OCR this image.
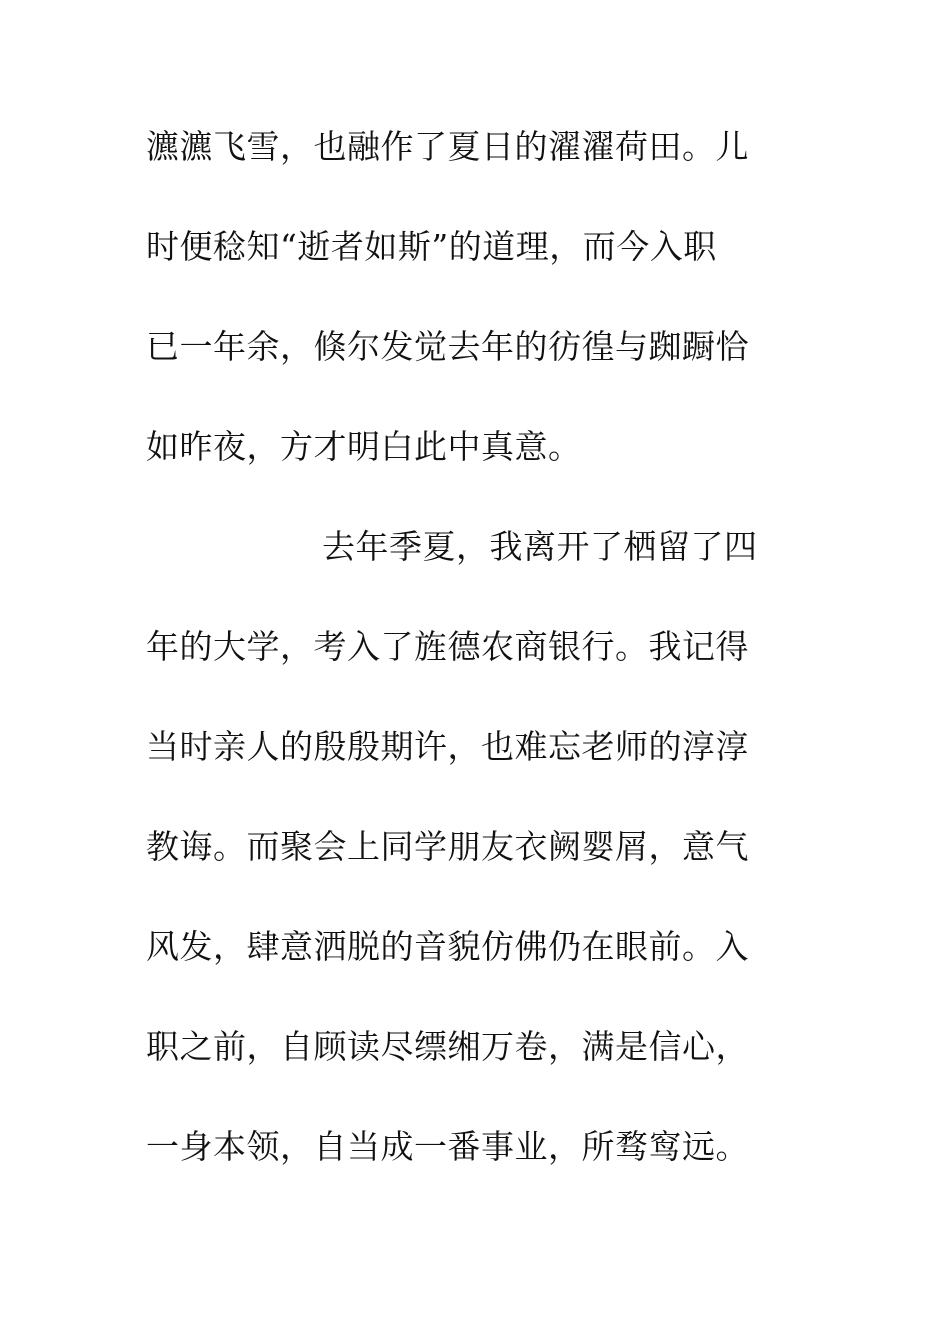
瀌瀌飞雪，也融作了夏日的濯濯荷田。儿
时便稔知“逝者如斯”的道理，而今入职
已一年余，倏尔发觉去年的彷徨与踟蹰恰
如昨夜，方才明白此中真意。
去年季夏，我离开了栖留了四
年的大学，考入了旌德农商银行。我记得
当时亲人的殷殷期许，也难忘老师的淳淳
教诲。而聚会上同学朋友衣阙婴屑，意气
风发，肆意洒脱的音貌仿佛仍在眼前。入
职之前，自顾读尽缥缃万卷，满是信心，
一身本领，自当成一番事业，所骛窎远。
